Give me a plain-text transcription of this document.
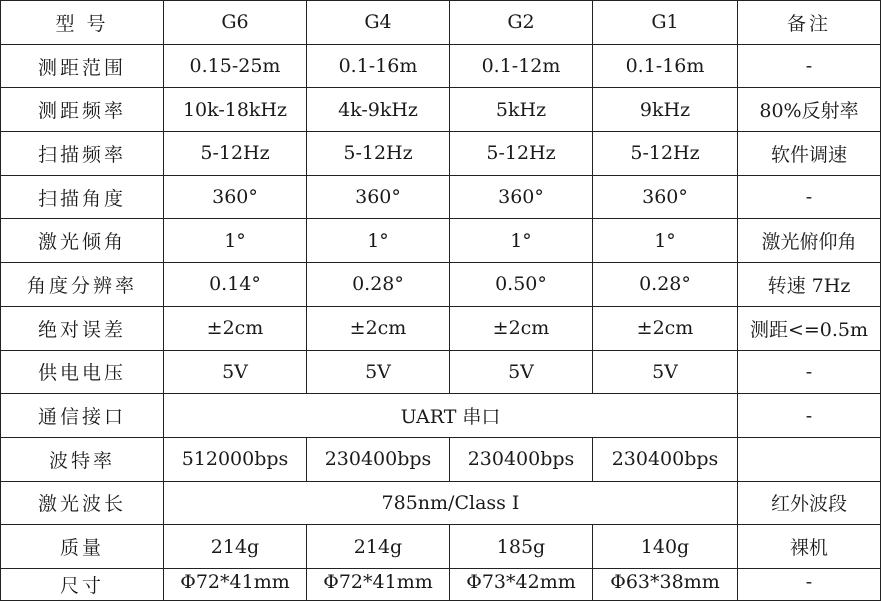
型 号	G6	G4	G2	G1	备注
测距范围	0.15-25m	0.1-16m	0.1-12m	0.1-16m	-
测距频率	10k-18kHz	4k-9kHz	5kHz	9kHz	80%反射率
扫描频率	5-12Hz	5-12Hz	5-12Hz	5-12Hz	软件调速
扫描角度	360°	360°	360°	360°	-
激光倾角	1°	1°	1°	1°	激光俯仰角
角度分辨率	0.14°	0.28°	0.50°	0.28°	转速 7Hz
绝对误差	±2cm	±2cm	±2cm	±2cm	测距<=0.5m
供电电压	5V	5V	5V	5V	-
通信接口	UART 串口				-
波特率	512000bps	230400bps	230400bps	230400bps	
激光波长	785nm/Class I				红外波段
质量	214g	214g	185g	140g	裸机
尺寸	Φ72*41mm	Φ72*41mm	Φ73*42mm	Φ63*38mm	-
